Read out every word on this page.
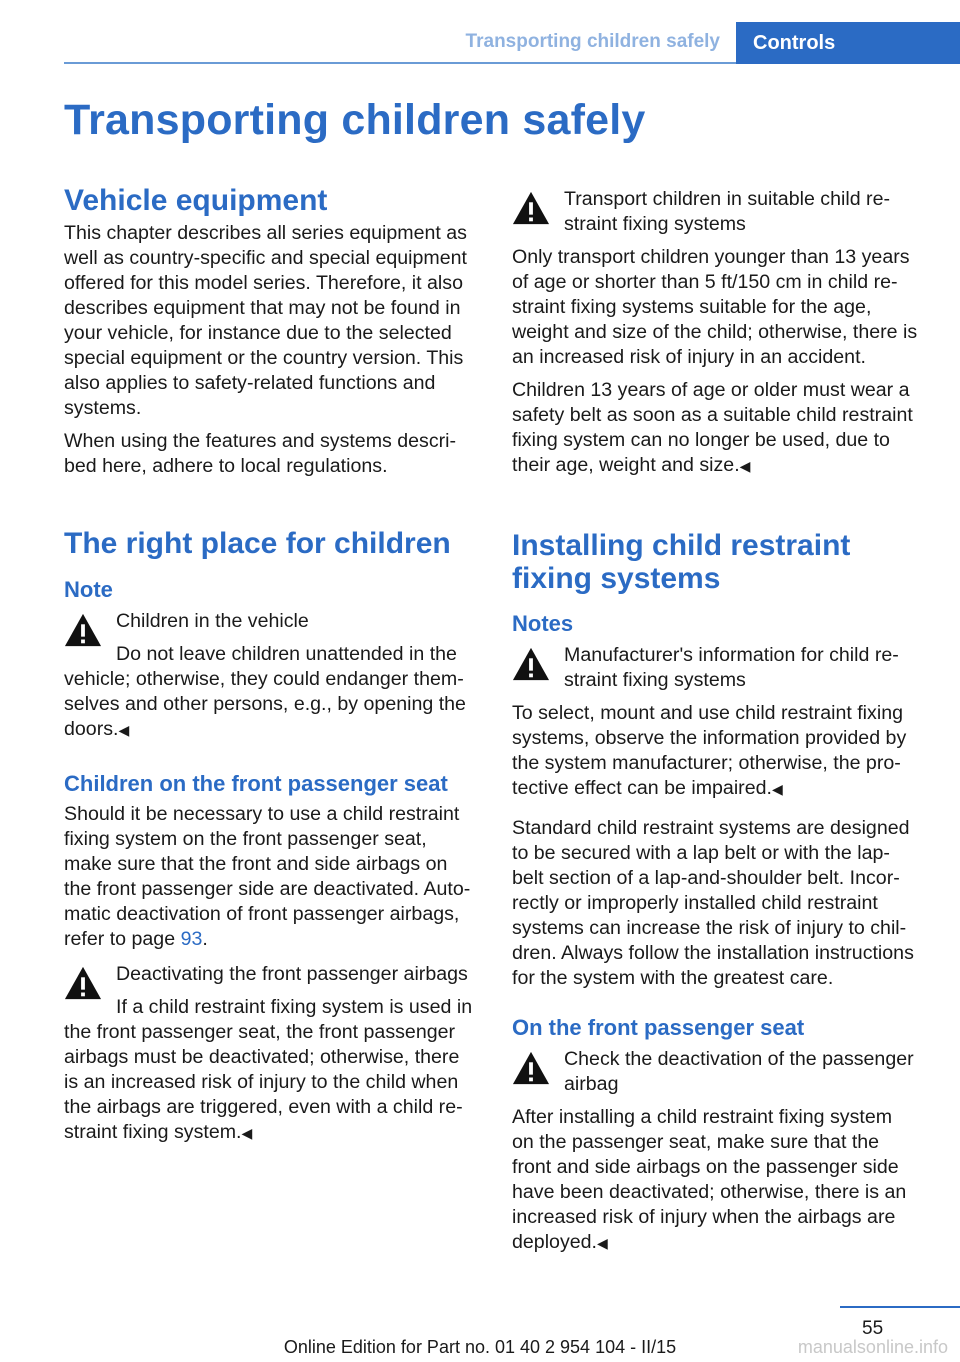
Transporting children safely	Controls
Transporting children safely
Vehicle equipment
This chapter describes all series equipment as
well as country-specific and special equipment
offered for this model series. Therefore, it also
describes equipment that may not be found in
your vehicle, for instance due to the selected
special equipment or the country version. This
also applies to safety-related functions and
systems.
When using the features and systems descri‐
bed here, adhere to local regulations.
The right place for children
Note
Children in the vehicle
Do not leave children unattended in the
vehicle; otherwise, they could endanger them‐
selves and other persons, e.g., by opening the
doors.◀
Children on the front passenger seat
Should it be necessary to use a child restraint
fixing system on the front passenger seat,
make sure that the front and side airbags on
the front passenger side are deactivated. Auto‐
matic deactivation of front passenger airbags,
refer to page 93.
Deactivating the front passenger airbags
If a child restraint fixing system is used in
the front passenger seat, the front passenger
airbags must be deactivated; otherwise, there
is an increased risk of injury to the child when
the airbags are triggered, even with a child re‐
straint fixing system.◀
Transport children in suitable child re‐
straint fixing systems
Only transport children younger than 13 years
of age or shorter than 5 ft/150 cm in child re‐
straint fixing systems suitable for the age,
weight and size of the child; otherwise, there is
an increased risk of injury in an accident.
Children 13 years of age or older must wear a
safety belt as soon as a suitable child restraint
fixing system can no longer be used, due to
their age, weight and size.◀
Installing child restraint
fixing systems
Notes
Manufacturer's information for child re‐
straint fixing systems
To select, mount and use child restraint fixing
systems, observe the information provided by
the system manufacturer; otherwise, the pro‐
tective effect can be impaired.◀
Standard child restraint systems are designed
to be secured with a lap belt or with the lap-
belt section of a lap-and-shoulder belt. Incor‐
rectly or improperly installed child restraint
systems can increase the risk of injury to chil‐
dren. Always follow the installation instructions
for the system with the greatest care.
On the front passenger seat
Check the deactivation of the passenger
airbag
After installing a child restraint fixing system
on the passenger seat, make sure that the
front and side airbags on the passenger side
have been deactivated; otherwise, there is an
increased risk of injury when the airbags are
deployed.◀
55
Online Edition for Part no. 01 40 2 954 104 - II/15	manualsonline.info
